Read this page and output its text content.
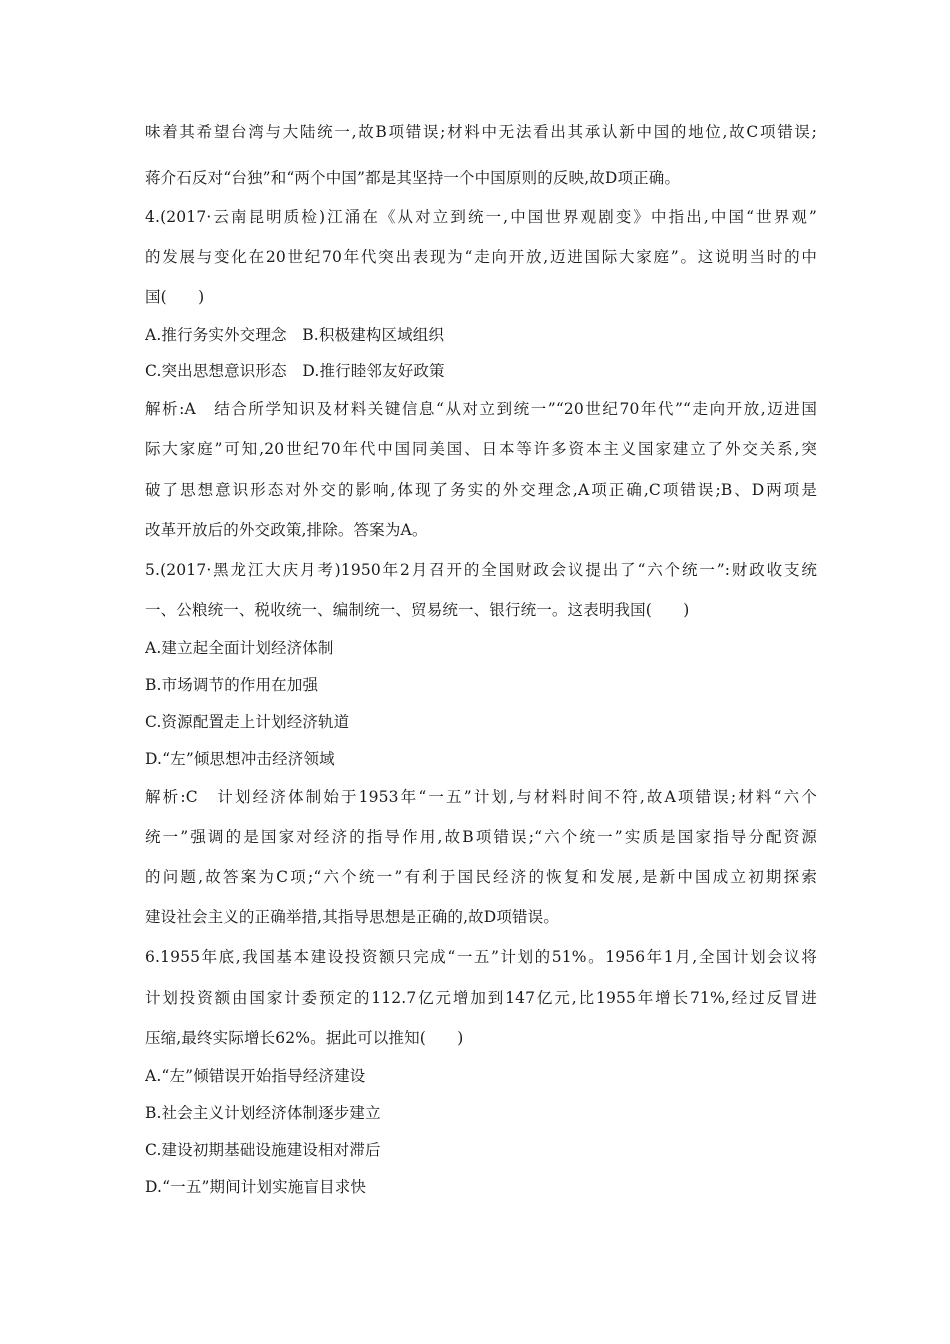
味着其希望台湾与大陆统一,故B项错误;材料中无法看出其承认新中国的地位,故C项错误;
蒋介石反对“台独”和“两个中国”都是其坚持一个中国原则的反映,故D项正确。
4.(2017·云南昆明质检)江涌在《从对立到统一,中国世界观剧变》中指出,中国“世界观”
的发展与变化在20世纪70年代突出表现为“走向开放,迈进国际大家庭”。这说明当时的中
国(　　)
A.推行务实外交理念　B.积极建构区域组织
C.突出思想意识形态　D.推行睦邻友好政策
解析:A　结合所学知识及材料关键信息“从对立到统一”“20世纪70年代”“走向开放,迈进国
际大家庭”可知,20世纪70年代中国同美国、日本等许多资本主义国家建立了外交关系,突
破了思想意识形态对外交的影响,体现了务实的外交理念,A项正确,C项错误;B、D两项是
改革开放后的外交政策,排除。答案为A。
5.(2017·黑龙江大庆月考)1950年2月召开的全国财政会议提出了“六个统一”:财政收支统
一、公粮统一、税收统一、编制统一、贸易统一、银行统一。这表明我国(　　)
A.建立起全面计划经济体制
B.市场调节的作用在加强
C.资源配置走上计划经济轨道
D.“左”倾思想冲击经济领域
解析:C　计划经济体制始于1953年“一五”计划,与材料时间不符,故A项错误;材料“六个
统一”强调的是国家对经济的指导作用,故B项错误;“六个统一”实质是国家指导分配资源
的问题,故答案为C项;“六个统一”有利于国民经济的恢复和发展,是新中国成立初期探索
建设社会主义的正确举措,其指导思想是正确的,故D项错误。
6.1955年底,我国基本建设投资额只完成“一五”计划的51%。1956年1月,全国计划会议将
计划投资额由国家计委预定的112.7亿元增加到147亿元,比1955年增长71%,经过反冒进
压缩,最终实际增长62%。据此可以推知(　　)
A.“左”倾错误开始指导经济建设
B.社会主义计划经济体制逐步建立
C.建设初期基础设施建设相对滞后
D.“一五”期间计划实施盲目求快
